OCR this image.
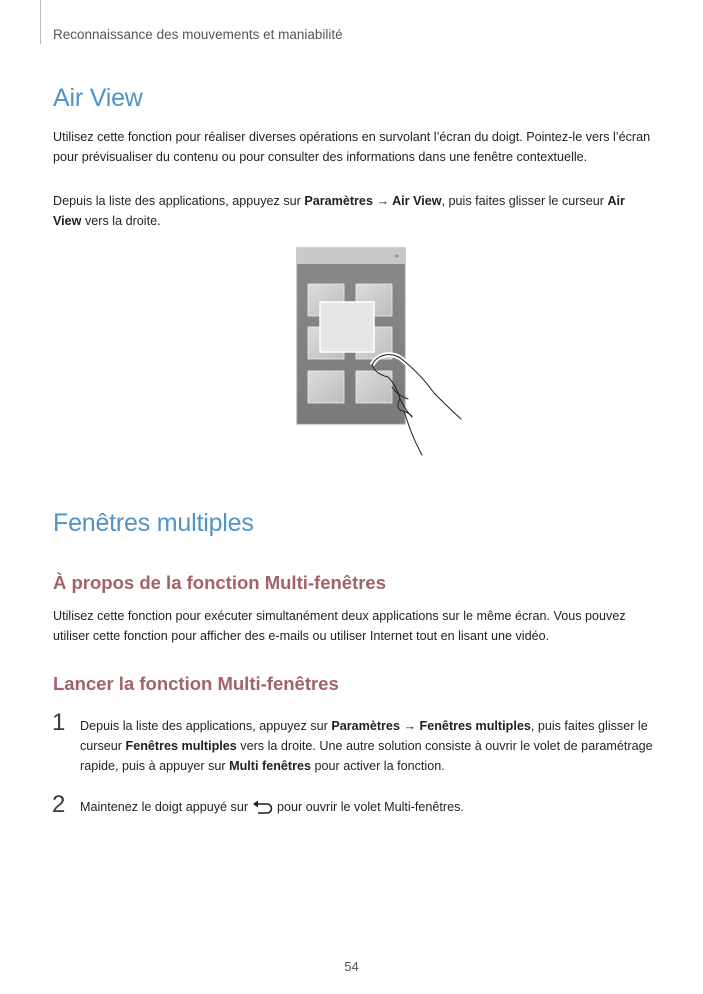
Reconnaissance des mouvements et maniabilité
Air View

Utilisez cette fonction pour réaliser diverses opérations en survolant l’écran du doigt. Pointez-le vers l’écran pour prévisualiser du contenu ou pour consulter des informations dans une fenêtre contextuelle.

Depuis la liste des applications, appuyez sur Paramètres → Air View, puis faites glisser le curseur Air View vers la droite.

Fenêtres multiples
À propos de la fonction Multi-fenêtres

Utilisez cette fonction pour exécuter simultanément deux applications sur le même écran. Vous pouvez utiliser cette fonction pour afficher des e-mails ou utiliser Internet tout en lisant une vidéo.

Lancer la fonction Multi-fenêtres
1 Depuis la liste des applications, appuyez sur Paramètres → Fenêtres multiples, puis faites glisser le curseur Fenêtres multiples vers la droite. Une autre solution consiste à ouvrir le volet de paramétrage rapide, puis à appuyer sur Multi fenêtres pour activer la fonction.

2 Maintenez le doigt appuyé sur  pour ouvrir le volet Multi-fenêtres.

54
